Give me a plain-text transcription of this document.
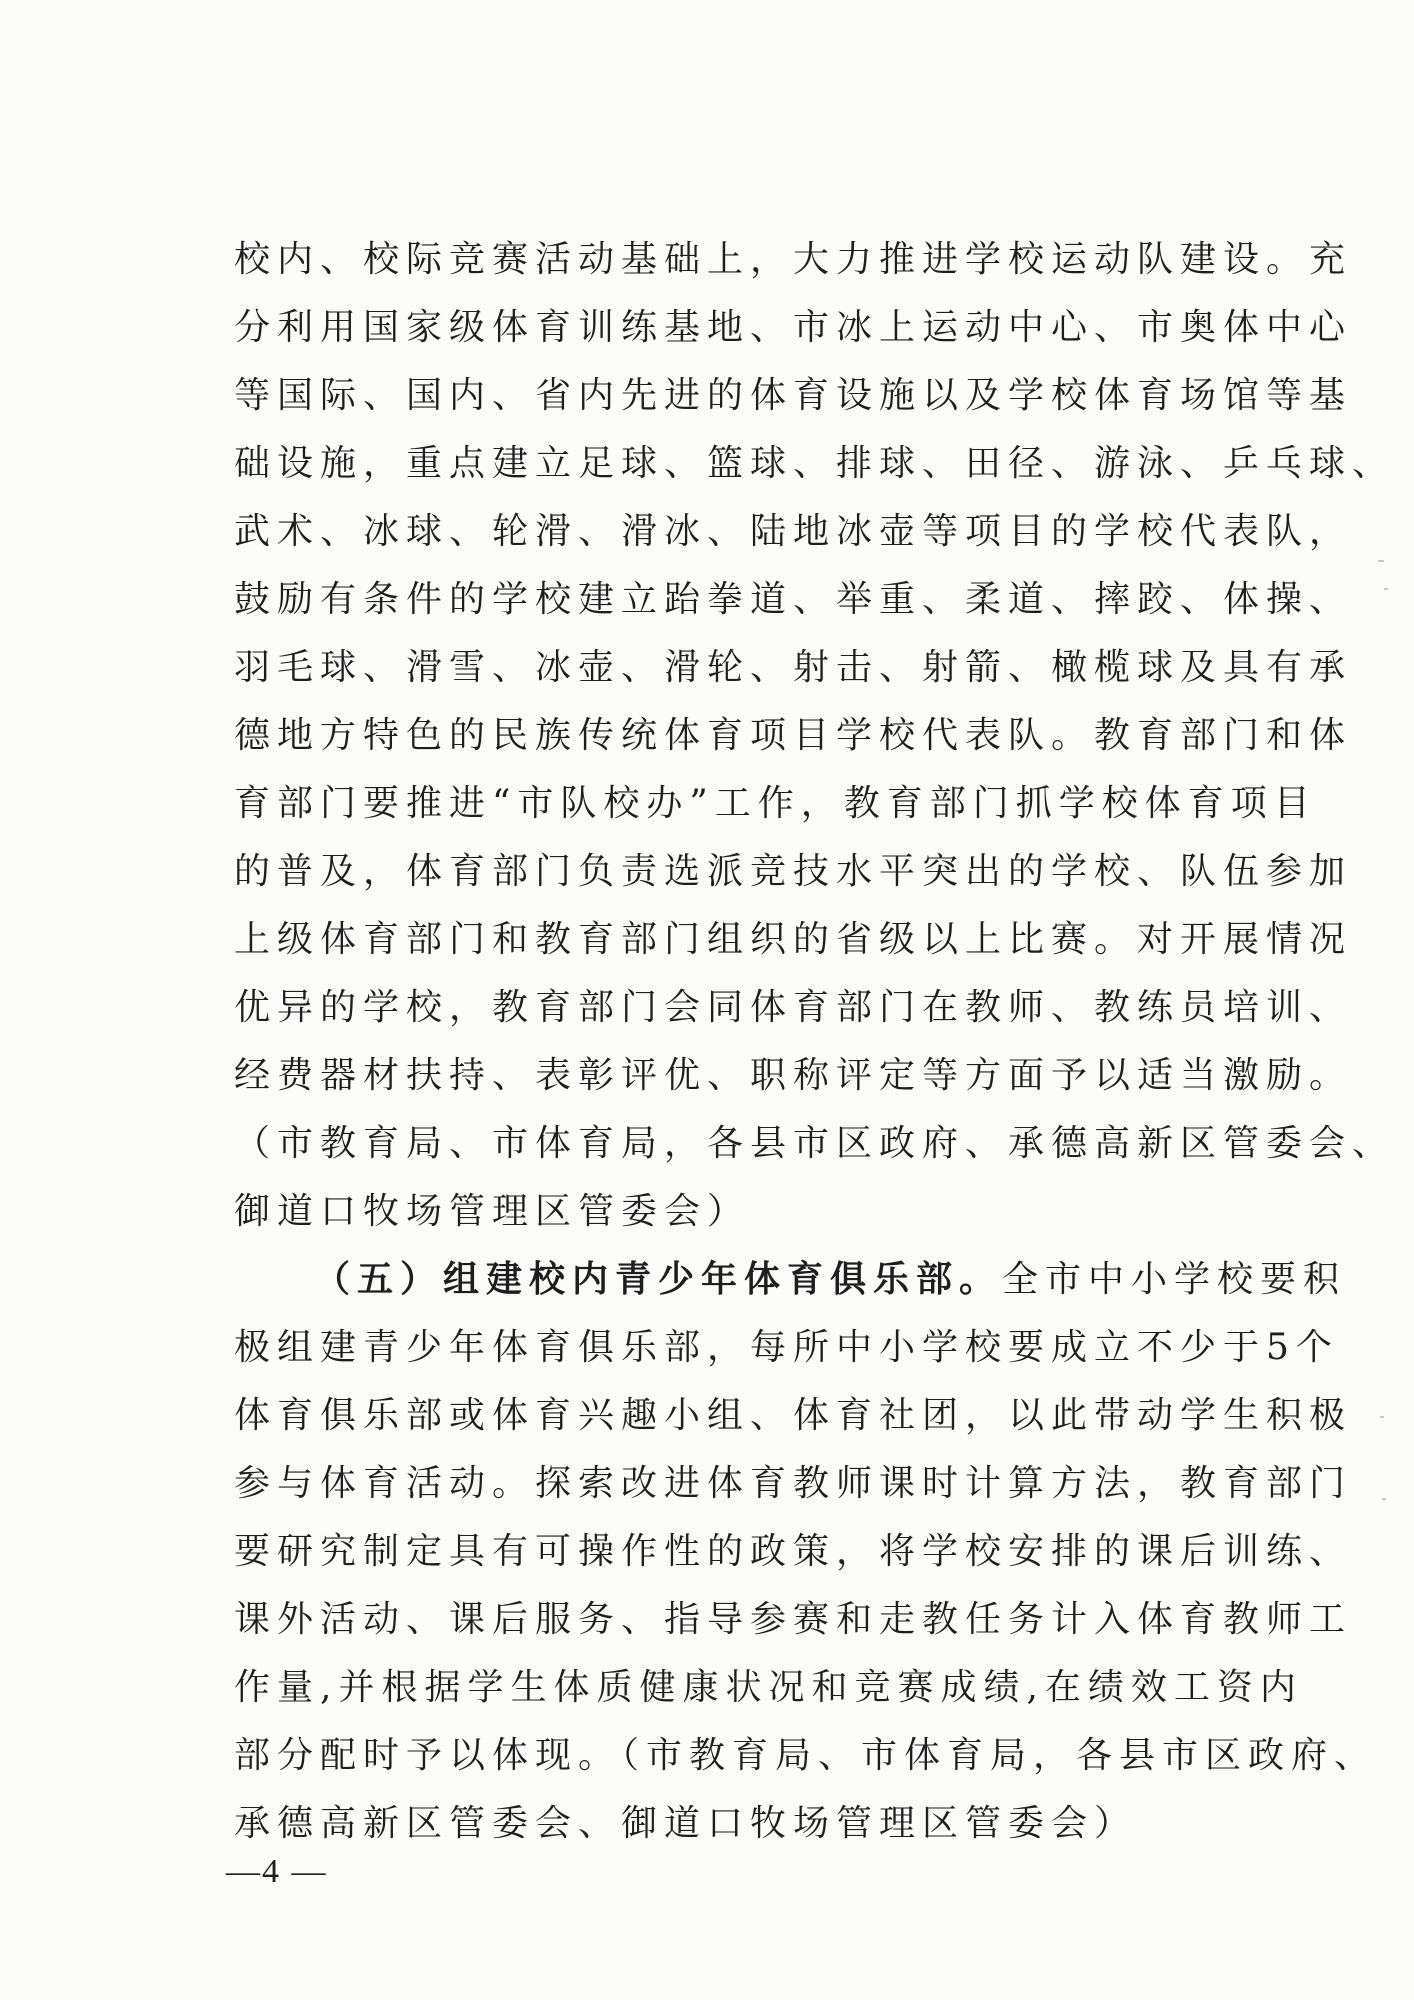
校内、校际竞赛活动基础上，大力推进学校运动队建设。充
分利用国家级体育训练基地、市冰上运动中心、市奥体中心
等国际、国内、省内先进的体育设施以及学校体育场馆等基
础设施，重点建立足球、篮球、排球、田径、游泳、乒乓球、
武术、冰球、轮滑、滑冰、陆地冰壶等项目的学校代表队，
鼓励有条件的学校建立跆拳道、举重、柔道、摔跤、体操、
羽毛球、滑雪、冰壶、滑轮、射击、射箭、橄榄球及具有承
德地方特色的民族传统体育项目学校代表队。教育部门和体
育部门要推进“市队校办”工作，教育部门抓学校体育项目
的普及，体育部门负责选派竞技水平突出的学校、队伍参加
上级体育部门和教育部门组织的省级以上比赛。对开展情况
优异的学校，教育部门会同体育部门在教师、教练员培训、
经费器材扶持、表彰评优、职称评定等方面予以适当激励。
（市教育局、市体育局，各县市区政府、承德高新区管委会、
御道口牧场管理区管委会）

（五）组建校内青少年体育俱乐部。全市中小学校要积
极组建青少年体育俱乐部，每所中小学校要成立不少于5个
体育俱乐部或体育兴趣小组、体育社团，以此带动学生积极
参与体育活动。探索改进体育教师课时计算方法，教育部门
要研究制定具有可操作性的政策，将学校安排的课后训练、
课外活动、课后服务、指导参赛和走教任务计入体育教师工
作量,并根据学生体质健康状况和竞赛成绩,在绩效工资内
部分配时予以体现。（市教育局、市体育局，各县市区政府、
承德高新区管委会、御道口牧场管理区管委会）

—4 —
